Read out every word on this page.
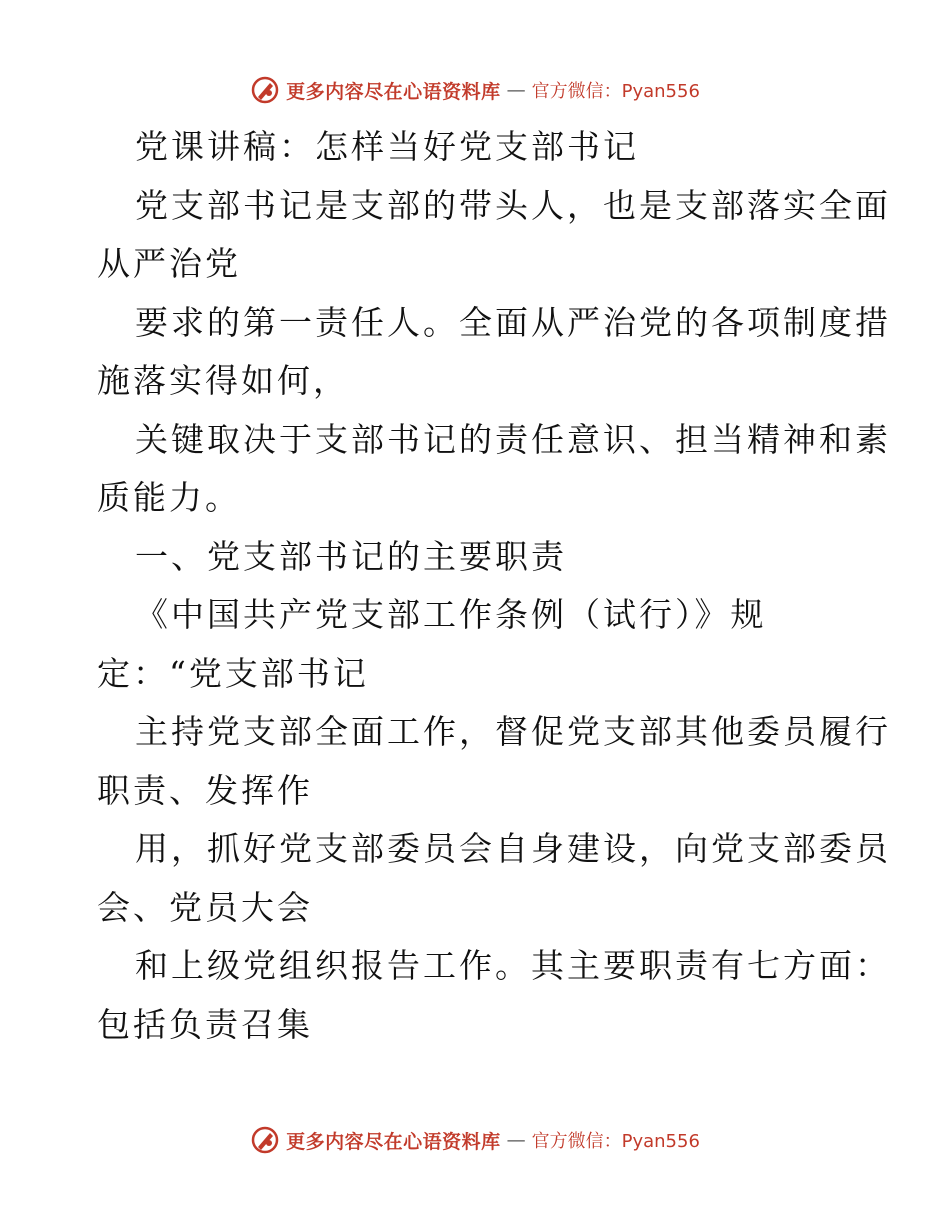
更多内容尽在心语资料库 — 官方微信：Pyan556

党课讲稿：怎样当好党支部书记

党支部书记是支部的带头人，也是支部落实全面

从严治党

要求的第一责任人。全面从严治党的各项制度措

施落实得如何，

关键取决于支部书记的责任意识、担当精神和素

质能力。

一、党支部书记的主要职责

《中国共产党支部工作条例（试行）》规

定：“党支部书记

主持党支部全面工作，督促党支部其他委员履行

职责、发挥作

用，抓好党支部委员会自身建设，向党支部委员

会、党员大会

和上级党组织报告工作。其主要职责有七方面：

包括负责召集

更多内容尽在心语资料库 — 官方微信：Pyan556
